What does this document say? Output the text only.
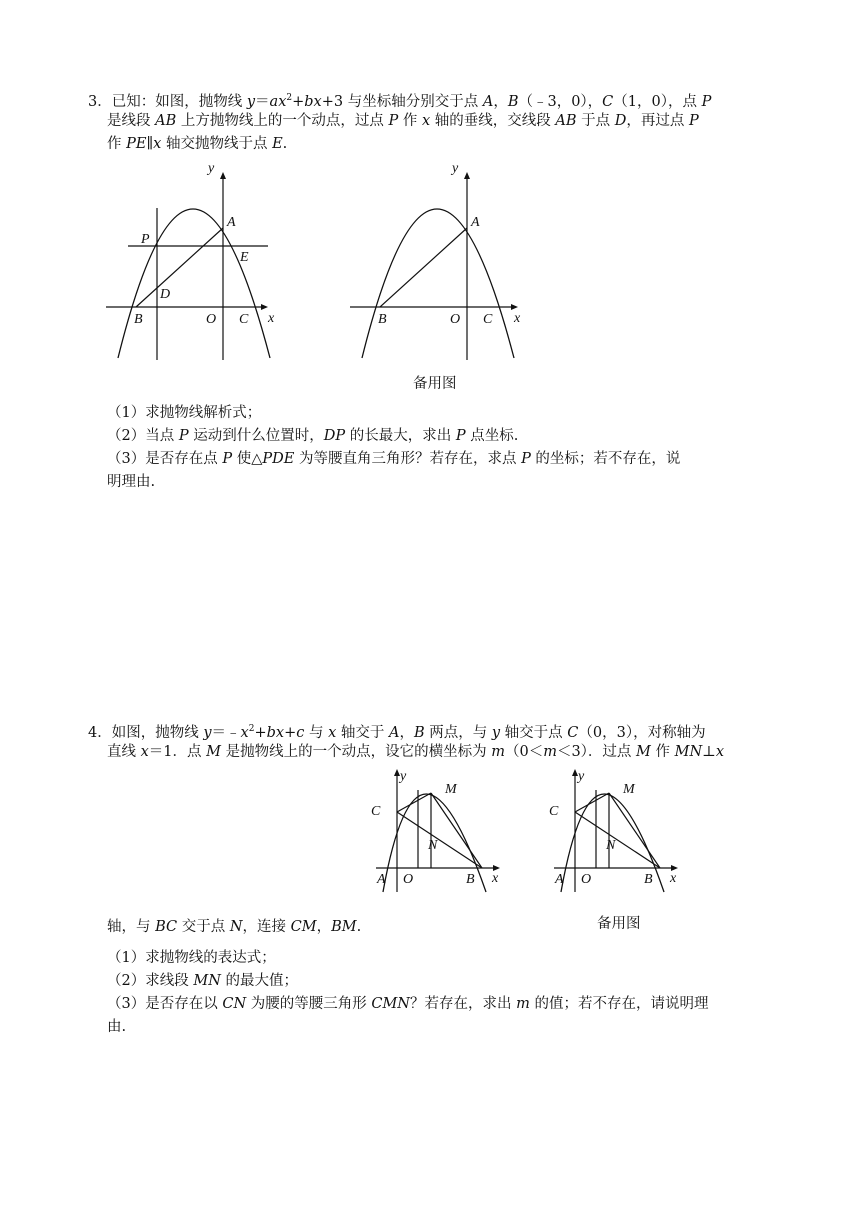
3．已知：如图，抛物线 $y=ax^2+bx+3$ 与坐标轴分别交于点 A，B（﹣3，0），C（1，0），点 P
是线段 AB 上方抛物线上的一个动点，过点 P 作 x 轴的垂线，交线段 AB 于点 D，再过点 P
作 PE∥x 轴交抛物线于点 E.
y
x
A
P
E
D
B	O C
y
x
A
B	O C
备用图
（1）求抛物线解析式；
（2）当点 P 运动到什么位置时，DP 的长最大，求出 P 点坐标.
（3）是否存在点 P 使△PDE 为等腰直角三角形？若存在，求点 P 的坐标；若不存在，说
明理由.
4．如图，抛物线 $y=﹣x^2+bx+c$ 与 x 轴交于 A，B 两点，与 y 轴交于点 C（0，3），对称轴为
直线 x＝1．点 M 是抛物线上的一个动点，设它的横坐标为 m（0＜m＜3）．过点 M 作 MN⊥x
y
x
M
C
N
A O	B
y
x
M
C
N
A O	B
轴，与 BC 交于点 N，连接 CM，BM.	备用图
（1）求抛物线的表达式；
（2）求线段 MN 的最大值；
（3）是否存在以 CN 为腰的等腰三角形 CMN？若存在，求出 m 的值；若不存在，请说明理
由.
